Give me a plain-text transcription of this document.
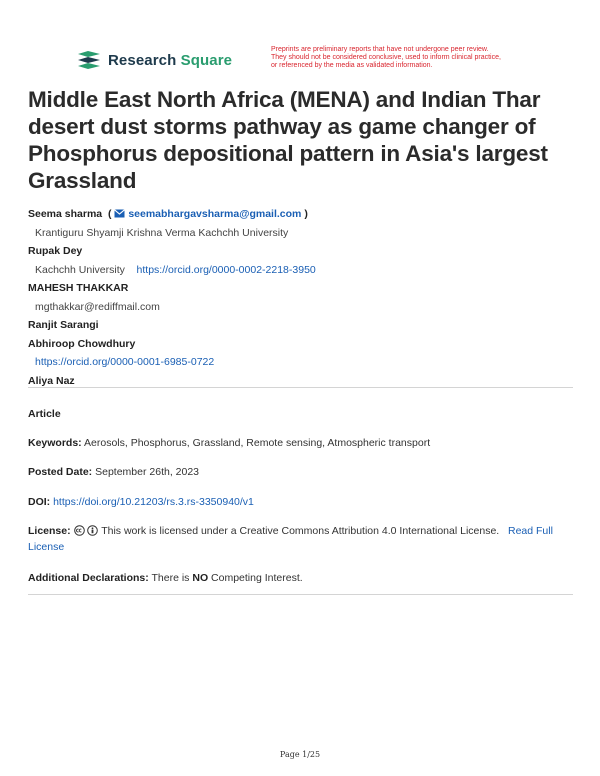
Research Square
Preprints are preliminary reports that have not undergone peer review.
They should not be considered conclusive, used to inform clinical practice,
or referenced by the media as validated information.
Middle East North Africa (MENA) and Indian Thar desert dust storms pathway as game changer of Phosphorus depositional pattern in Asia's largest Grassland
Seema sharma  ( seemabhargavsharma@gmail.com )
Krantiguru Shyamji Krishna Verma Kachchh University
Rupak Dey
Kachchh University https://orcid.org/0000-0002-2218-3950
MAHESH THAKKAR
mgthakkar@rediffmail.com
Ranjit Sarangi
Abhiroop Chowdhury
https://orcid.org/0000-0001-6985-0722
Aliya Naz
Article
Keywords: Aerosols, Phosphorus, Grassland, Remote sensing, Atmospheric transport
Posted Date: September 26th, 2023
DOI: https://doi.org/10.21203/rs.3.rs-3350940/v1
License:	This work is licensed under a Creative Commons Attribution 4.0 International License. Read Full License
Additional Declarations: There is NO Competing Interest.
Page 1/25
